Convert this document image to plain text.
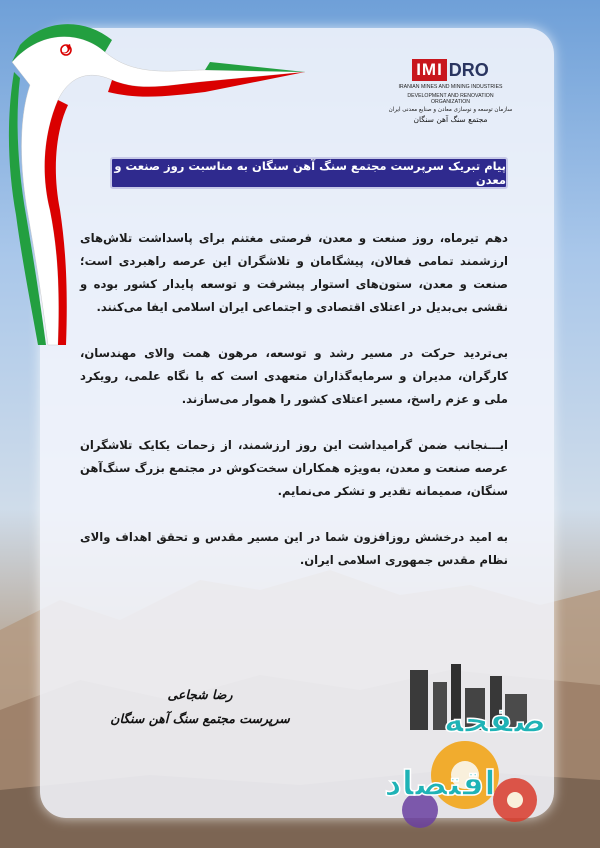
IMI DRO
IRANIAN MINES AND MINING INDUSTRIES
DEVELOPMENT AND RENOVATION ORGANIZATION
سازمان توسعه و نوسازی معادن و صنایع معدنی ایران
مجتمع سنگ آهن سنگان
پیام تبریک سرپرست مجتمع سنگ آهن سنگان به مناسبت روز صنعت و معدن

دهم تیرماه، روز صنعت و معدن، فرصتی مغتنم برای پاسداشت تلاش‌های ارزشمند تمامی فعالان، پیشگامان و تلاشگران این عرصه راهبردی است؛ صنعت و معدن، ستون‌های استوار پیشرفت و توسعه پایدار کشور بوده و نقشی بی‌بدیل در اعتلای اقتصادی و اجتماعی ایران اسلامی ایفا می‌کنند.

بی‌تردید حرکت در مسیر رشد و توسعه، مرهون همت والای مهندسان، کارگران، مدیران و سرمایه‌گذاران متعهدی است که با نگاه علمی، رویکرد ملی و عزم راسخ، مسیر اعتلای کشور را هموار می‌سازند.

ایـــنجانب ضمن گرامیداشت این روز ارزشمند، از زحمات یکایک تلاشگران عرصه صنعت و معدن، به‌ویژه همکاران سخت‌کوش در مجتمع بزرگ سنگ‌آهن سنگان، صمیمانه تقدیر و تشکر می‌نمایم.

به امید درخشش روزافزون شما در این مسیر مقدس و تحقق اهداف والای نظام مقدس جمهوری اسلامی ایران.

رضا شجاعی
سرپرست مجتمع سنگ آهن سنگان	صفحه
اقتصاد
